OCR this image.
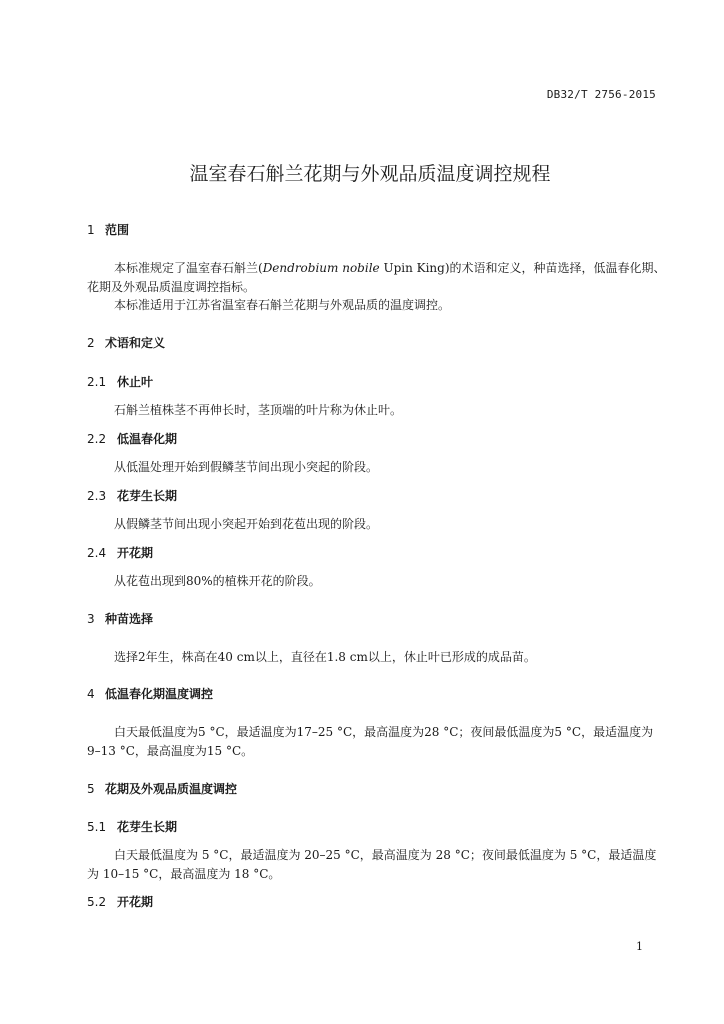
DB32/T 2756-2015
温室春石斛兰花期与外观品质温度调控规程
1 范围
本标准规定了温室春石斛兰(Dendrobium nobile Upin King)的术语和定义，种苗选择，低温春化期、
花期及外观品质温度调控指标。
本标准适用于江苏省温室春石斛兰花期与外观品质的温度调控。
2 术语和定义
2.1 休止叶
石斛兰植株茎不再伸长时，茎顶端的叶片称为休止叶。
2.2 低温春化期
从低温处理开始到假鳞茎节间出现小突起的阶段。
2.3 花芽生长期
从假鳞茎节间出现小突起开始到花苞出现的阶段。
2.4 开花期
从花苞出现到80%的植株开花的阶段。
3 种苗选择
选择2年生，株高在40 cm以上，直径在1.8 cm以上，休止叶已形成的成品苗。
4 低温春化期温度调控
白天最低温度为5 °C，最适温度为17–25 °C，最高温度为28 °C；夜间最低温度为5 °C，最适温度为
9–13 °C，最高温度为15 °C。
5 花期及外观品质温度调控
5.1 花芽生长期
白天最低温度为 5 °C，最适温度为 20–25 °C，最高温度为 28 °C；夜间最低温度为 5 °C，最适温度
为 10–15 °C，最高温度为 18 °C。
5.2 开花期
1
